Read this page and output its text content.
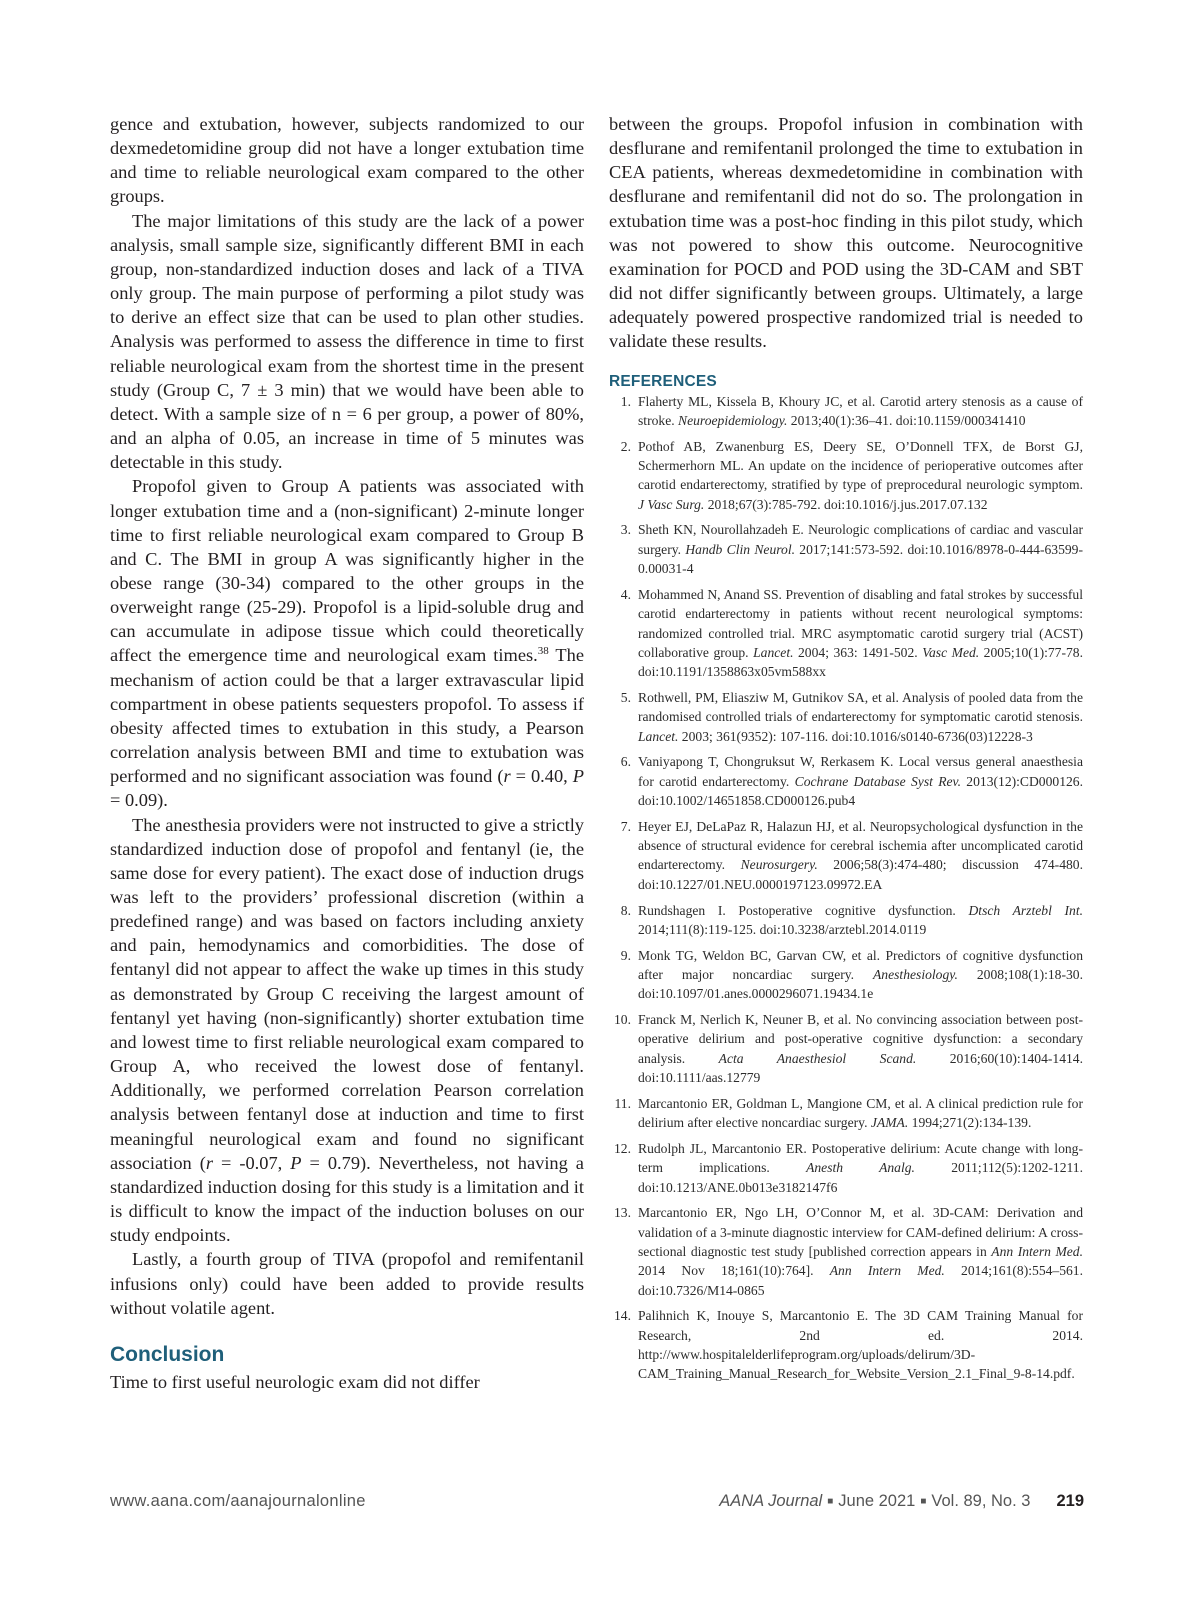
gence and extubation, however, subjects randomized to our dexmedetomidine group did not have a longer extubation time and time to reliable neurological exam compared to the other groups.

The major limitations of this study are the lack of a power analysis, small sample size, significantly different BMI in each group, non-standardized induction doses and lack of a TIVA only group. The main purpose of performing a pilot study was to derive an effect size that can be used to plan other studies. Analysis was performed to assess the difference in time to first reliable neurological exam from the shortest time in the present study (Group C, 7 ± 3 min) that we would have been able to detect. With a sample size of n = 6 per group, a power of 80%, and an alpha of 0.05, an increase in time of 5 minutes was detectable in this study.

Propofol given to Group A patients was associated with longer extubation time and a (non-significant) 2-minute longer time to first reliable neurological exam compared to Group B and C. The BMI in group A was significantly higher in the obese range (30-34) compared to the other groups in the overweight range (25-29). Propofol is a lipid-soluble drug and can accumulate in adipose tissue which could theoretically affect the emergence time and neurological exam times.$^{38}$ The mechanism of action could be that a larger extravascular lipid compartment in obese patients sequesters propofol. To assess if obesity affected times to extubation in this study, a Pearson correlation analysis between BMI and time to extubation was performed and no significant association was found (r = 0.40, P = 0.09).

The anesthesia providers were not instructed to give a strictly standardized induction dose of propofol and fentanyl (ie, the same dose for every patient). The exact dose of induction drugs was left to the providers’ professional discretion (within a predefined range) and was based on factors including anxiety and pain, hemodynamics and comorbidities. The dose of fentanyl did not appear to affect the wake up times in this study as demonstrated by Group C receiving the largest amount of fentanyl yet having (non-significantly) shorter extubation time and lowest time to first reliable neurological exam compared to Group A, who received the lowest dose of fentanyl. Additionally, we performed correlation Pearson correlation analysis between fentanyl dose at induction and time to first meaningful neurological exam and found no significant association (r = -0.07, P = 0.79). Nevertheless, not having a standardized induction dosing for this study is a limitation and it is difficult to know the impact of the induction boluses on our study endpoints.

Lastly, a fourth group of TIVA (propofol and remifentanil infusions only) could have been added to provide results without volatile agent.

Conclusion

Time to first useful neurologic exam did not differ

between the groups. Propofol infusion in combination with desflurane and remifentanil prolonged the time to extubation in CEA patients, whereas dexmedetomidine in combination with desflurane and remifentanil did not do so. The prolongation in extubation time was a post-hoc finding in this pilot study, which was not powered to show this outcome. Neurocognitive examination for POCD and POD using the 3D-CAM and SBT did not differ significantly between groups. Ultimately, a large adequately powered prospective randomized trial is needed to validate these results.

REFERENCES
1. Flaherty ML, Kissela B, Khoury JC, et al. Carotid artery stenosis as a cause of stroke. Neuroepidemiology. 2013;40(1):36–41. doi:10.1159/000341410
2. Pothof AB, Zwanenburg ES, Deery SE, O’Donnell TFX, de Borst GJ, Schermerhorn ML. An update on the incidence of perioperative outcomes after carotid endarterectomy, stratified by type of preprocedural neurologic symptom. J Vasc Surg. 2018;67(3):785-792. doi:10.1016/j.jus.2017.07.132
3. Sheth KN, Nourollahzadeh E. Neurologic complications of cardiac and vascular surgery. Handb Clin Neurol. 2017;141:573-592. doi:10.1016/8978-0-444-63599-0.00031-4
4. Mohammed N, Anand SS. Prevention of disabling and fatal strokes by successful carotid endarterectomy in patients without recent neurological symptoms: randomized controlled trial. MRC asymptomatic carotid surgery trial (ACST) collaborative group. Lancet. 2004; 363: 1491-502. Vasc Med. 2005;10(1):77-78. doi:10.1191/1358863x05vm588xx
5. Rothwell, PM, Eliasziw M, Gutnikov SA, et al. Analysis of pooled data from the randomised controlled trials of endarterectomy for symptomatic carotid stenosis. Lancet. 2003; 361(9352): 107-116. doi:10.1016/s0140-6736(03)12228-3
6. Vaniyapong T, Chongruksut W, Rerkasem K. Local versus general anaesthesia for carotid endarterectomy. Cochrane Database Syst Rev. 2013(12):CD000126. doi:10.1002/14651858.CD000126.pub4
7. Heyer EJ, DeLaPaz R, Halazun HJ, et al. Neuropsychological dysfunction in the absence of structural evidence for cerebral ischemia after uncomplicated carotid endarterectomy. Neurosurgery. 2006;58(3):474-480; discussion 474-480. doi:10.1227/01.NEU.0000197123.09972.EA
8. Rundshagen I. Postoperative cognitive dysfunction. Dtsch Arztebl Int. 2014;111(8):119-125. doi:10.3238/arztebl.2014.0119
9. Monk TG, Weldon BC, Garvan CW, et al. Predictors of cognitive dysfunction after major noncardiac surgery. Anesthesiology. 2008;108(1):18-30. doi:10.1097/01.anes.0000296071.19434.1e
10. Franck M, Nerlich K, Neuner B, et al. No convincing association between post-operative delirium and post-operative cognitive dysfunction: a secondary analysis. Acta Anaesthesiol Scand. 2016;60(10):1404-1414. doi:10.1111/aas.12779
11. Marcantonio ER, Goldman L, Mangione CM, et al. A clinical prediction rule for delirium after elective noncardiac surgery. JAMA. 1994;271(2):134-139.
12. Rudolph JL, Marcantonio ER. Postoperative delirium: Acute change with long-term implications. Anesth Analg. 2011;112(5):1202-1211. doi:10.1213/ANE.0b013e3182147f6
13. Marcantonio ER, Ngo LH, O’Connor M, et al. 3D-CAM: Derivation and validation of a 3-minute diagnostic interview for CAM-defined delirium: A cross-sectional diagnostic test study [published correction appears in Ann Intern Med. 2014 Nov 18;161(10):764]. Ann Intern Med. 2014;161(8):554–561. doi:10.7326/M14-0865
14. Palihnich K, Inouye S, Marcantonio E. The 3D CAM Training Manual for Research, 2nd ed. 2014. http://www.hospitalelderlifeprogram.org/uploads/delirum/3D-CAM_Training_Manual_Research_for_Website_Version_2.1_Final_9-8-14.pdf.
www.aana.com/aanajournalonline	AANA Journal ■ June 2021 ■ Vol. 89, No. 3 219
